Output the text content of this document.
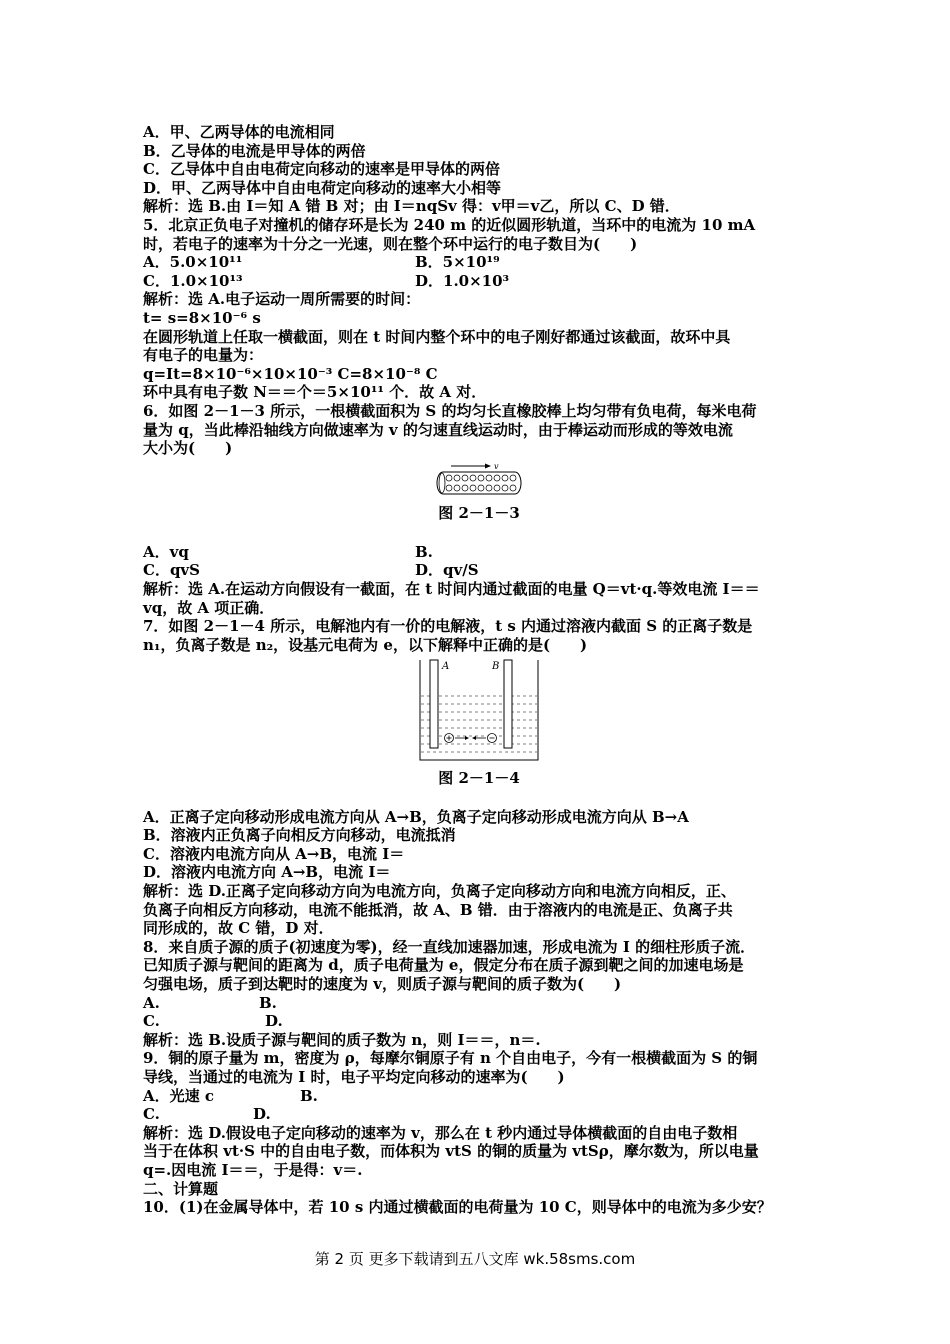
A．甲、乙两导体的电流相同
B．乙导体的电流是甲导体的两倍
C．乙导体中自由电荷定向移动的速率是甲导体的两倍
D．甲、乙两导体中自由电荷定向移动的速率大小相等
解析：选 B.由 I＝知 A 错 B 对；由 I＝nqSv 得：v甲＝v乙，所以 C、D 错．
5．北京正负电子对撞机的储存环是长为 240 m 的近似圆形轨道，当环中的电流为 10 mA
时，若电子的速率为十分之一光速，则在整个环中运行的电子数目为(　　)
A．5.0×10¹¹	B．5×10¹⁹
C．1.0×10¹³	D．1.0×10³
解析：选 A.电子运动一周所需要的时间：
t= s=8×10⁻⁶ s
在圆形轨道上任取一横截面，则在 t 时间内整个环中的电子刚好都通过该截面，故环中具
有电子的电量为：
q=It=8×10⁻⁶×10×10⁻³ C=8×10⁻⁸ C
环中具有电子数 N＝＝个＝5×10¹¹ 个．故 A 对．
6．如图 2－1－3 所示，一根横截面积为 S 的均匀长直橡胶棒上均匀带有负电荷，每米电荷
量为 q，当此棒沿轴线方向做速率为 v 的匀速直线运动时，由于棒运动而形成的等效电流
大小为(　　)
v
图 2－1－3
A．vq	B.
C．qvS	D．qv/S
解析：选 A.在运动方向假设有一截面，在 t 时间内通过截面的电量 Q＝vt·q.等效电流 I＝＝
vq，故 A 项正确．
7．如图 2－1－4 所示，电解池内有一价的电解液，t s 内通过溶液内截面 S 的正离子数是
n₁，负离子数是 n₂，设基元电荷为 e，以下解释中正确的是(　　)
A	B
图 2－1－4
A．正离子定向移动形成电流方向从 A→B，负离子定向移动形成电流方向从 B→A
B．溶液内正负离子向相反方向移动，电流抵消
C．溶液内电流方向从 A→B，电流 I＝
D．溶液内电流方向 A→B，电流 I＝
解析：选 D.正离子定向移动方向为电流方向，负离子定向移动方向和电流方向相反，正、
负离子向相反方向移动，电流不能抵消，故 A、B 错．由于溶液内的电流是正、负离子共
同形成的，故 C 错，D 对．
8．来自质子源的质子(初速度为零)，经一直线加速器加速，形成电流为 I 的细柱形质子流．
已知质子源与靶间的距离为 d，质子电荷量为 e，假定分布在质子源到靶之间的加速电场是
匀强电场，质子到达靶时的速度为 v，则质子源与靶间的质子数为(　　)
A.	B.
C.	D.
解析：选 B.设质子源与靶间的质子数为 n，则 I＝＝，n＝.
9．铜的原子量为 m，密度为 ρ，每摩尔铜原子有 n 个自由电子，今有一根横截面为 S 的铜
导线，当通过的电流为 I 时，电子平均定向移动的速率为(　　)
A．光速 c	B.
C.	D.
解析：选 D.假设电子定向移动的速率为 v，那么在 t 秒内通过导体横截面的自由电子数相
当于在体积 vt·S 中的自由电子数，而体积为 vtS 的铜的质量为 vtSρ，摩尔数为，所以电量
q=.因电流 I＝＝，于是得：v＝.
二、计算题
10．(1)在金属导体中，若 10 s 内通过横截面的电荷量为 10 C，则导体中的电流为多少安？
第 2 页 更多下载请到五八文库 wk.58sms.com
